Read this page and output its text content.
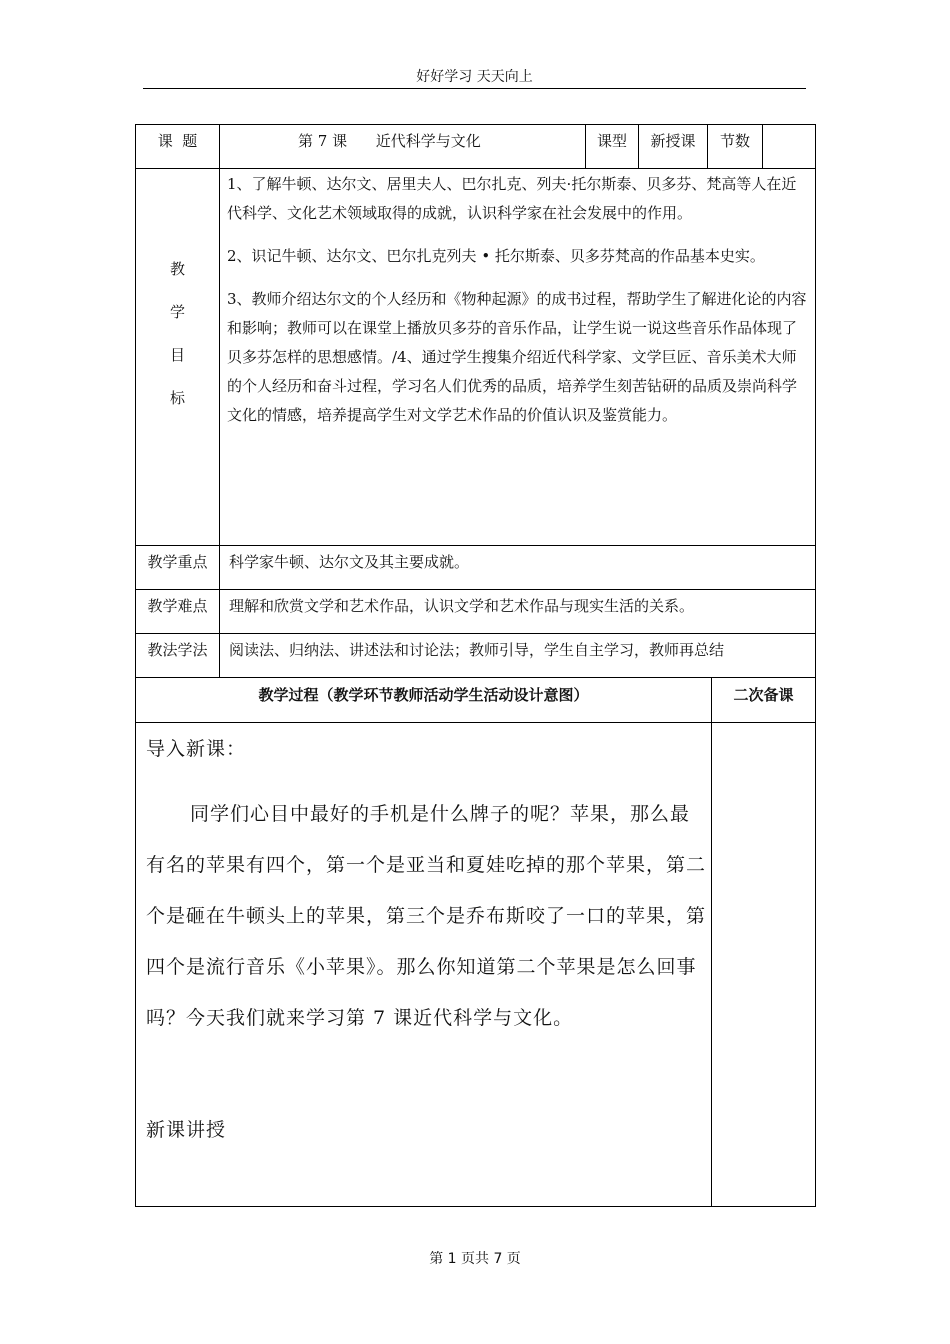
好好学习 天天向上
课  题	第 7 课      近代科学与文化	课型	新授课	节数
教
学
目
标
1、了解牛顿、达尔文、居里夫人、巴尔扎克、列夫·托尔斯泰、贝多芬、梵高等人在近代科学、文化艺术领域取得的成就，认识科学家在社会发展中的作用。
2、识记牛顿、达尔文、巴尔扎克列夫 • 托尔斯泰、贝多芬梵高的作品基本史实。
3、教师介绍达尔文的个人经历和《物种起源》的成书过程，帮助学生了解进化论的内容和影响；教师可以在课堂上播放贝多芬的音乐作品，让学生说一说这些音乐作品体现了贝多芬怎样的思想感情。/4、通过学生搜集介绍近代科学家、文学巨匠、音乐美术大师的个人经历和奋斗过程，学习名人们优秀的品质，培养学生刻苦钻研的品质及崇尚科学文化的情感，培养提高学生对文学艺术作品的价值认识及鉴赏能力。
教学重点	科学家牛顿、达尔文及其主要成就。
教学难点	理解和欣赏文学和艺术作品，认识文学和艺术作品与现实生活的关系。
教法学法	阅读法、归纳法、讲述法和讨论法；教师引导，学生自主学习，教师再总结
教学过程（教学环节教师活动学生活动设计意图）	二次备课
导入新课：
同学们心目中最好的手机是什么牌子的呢？苹果，那么最有名的苹果有四个，第一个是亚当和夏娃吃掉的那个苹果，第二个是砸在牛顿头上的苹果，第三个是乔布斯咬了一口的苹果，第四个是流行音乐《小苹果》。那么你知道第二个苹果是怎么回事吗？今天我们就来学习第 7 课近代科学与文化。
新课讲授
第 1 页共 7 页
